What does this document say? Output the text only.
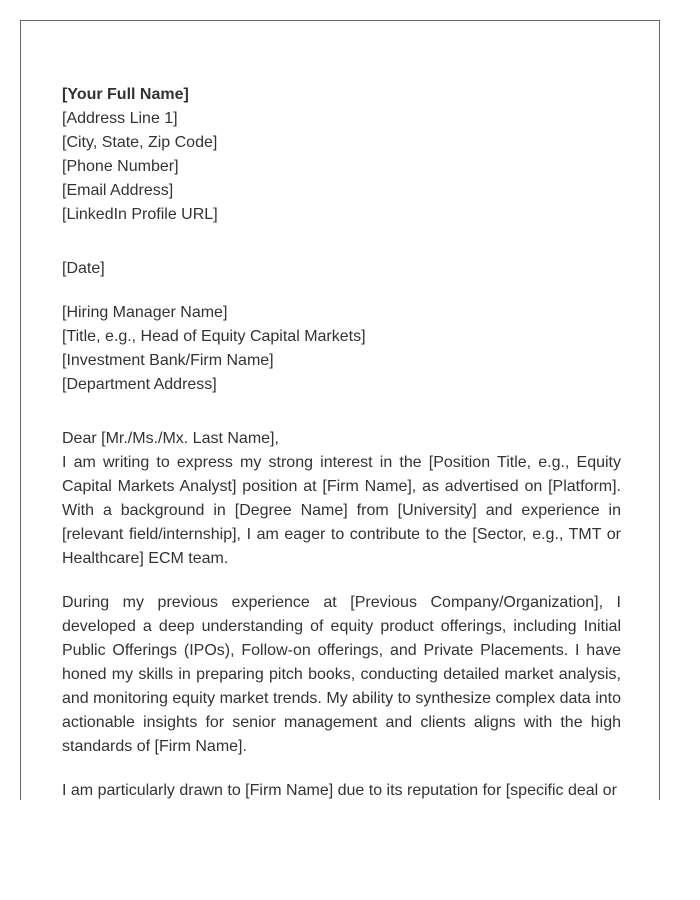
[Your Full Name]
[Address Line 1]
[City, State, Zip Code]
[Phone Number]
[Email Address]
[LinkedIn Profile URL]
[Date]
[Hiring Manager Name]
[Title, e.g., Head of Equity Capital Markets]
[Investment Bank/Firm Name]
[Department Address]
Dear [Mr./Ms./Mx. Last Name],

I am writing to express my strong interest in the [Position Title, e.g., Equity Capital Markets Analyst] position at [Firm Name], as advertised on [Platform]. With a background in [Degree Name] from [University] and experience in [relevant field/internship], I am eager to contribute to the [Sector, e.g., TMT or Healthcare] ECM team.

During my previous experience at [Previous Company/Organization], I developed a deep understanding of equity product offerings, including Initial Public Offerings (IPOs), Follow-on offerings, and Private Placements. I have honed my skills in preparing pitch books, conducting detailed market analysis, and monitoring equity market trends. My ability to synthesize complex data into actionable insights for senior management and clients aligns with the high standards of [Firm Name].

I am particularly drawn to [Firm Name] due to its reputation for [specific deal or
